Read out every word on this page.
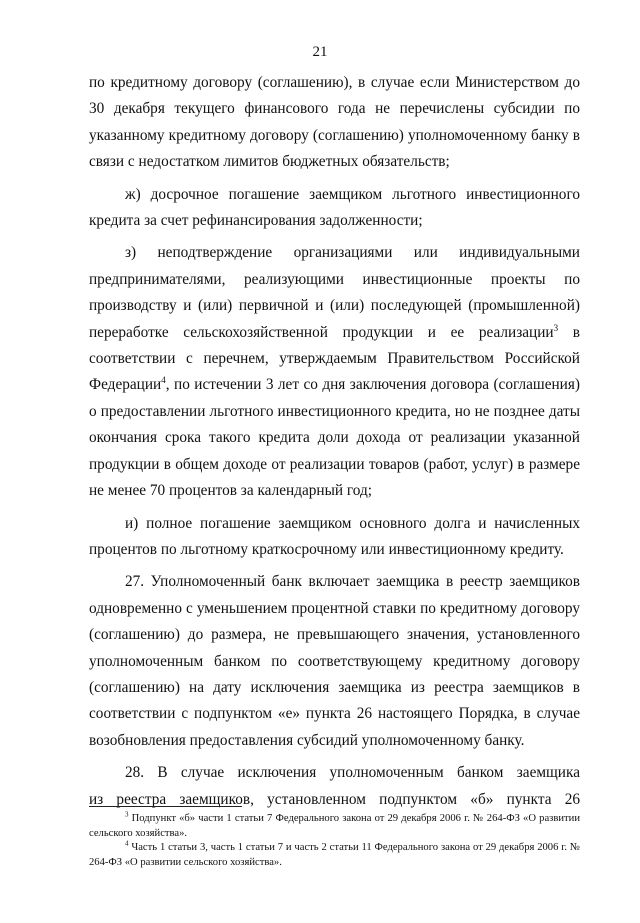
21

по кредитному договору (соглашению), в случае если Министерством до 30 декабря текущего финансового года не перечислены субсидии по указанному кредитному договору (соглашению) уполномоченному банку в связи с недостатком лимитов бюджетных обязательств;

ж) досрочное погашение заемщиком льготного инвестиционного кредита за счет рефинансирования задолженности;

з) неподтверждение организациями или индивидуальными предпринимателями, реализующими инвестиционные проекты по производству и (или) первичной и (или) последующей (промышленной) переработке сельскохозяйственной продукции и ее реализации$^3$ в соответствии с перечнем, утверждаемым Правительством Российской Федерации$^4$, по истечении 3 лет со дня заключения договора (соглашения) о предоставлении льготного инвестиционного кредита, но не позднее даты окончания срока такого кредита доли дохода от реализации указанной продукции в общем доходе от реализации товаров (работ, услуг) в размере не менее 70 процентов за календарный год;

и) полное погашение заемщиком основного долга и начисленных процентов по льготному краткосрочному или инвестиционному кредиту.

27. Уполномоченный банк включает заемщика в реестр заемщиков одновременно с уменьшением процентной ставки по кредитному договору (соглашению) до размера, не превышающего значения, установленного уполномоченным банком по соответствующему кредитному договору (соглашению) на дату исключения заемщика из реестра заемщиков в соответствии с подпунктом «е» пункта 26 настоящего Порядка, в случае возобновления предоставления субсидий уполномоченному банку.

28. В случае исключения уполномоченным банком заемщика

из реестра заемщиков, установленном подпунктом «б» пункта 26

$^3$ Подпункт «б» части 1 статьи 7 Федерального закона от 29 декабря 2006 г. № 264-ФЗ «О развитии сельского хозяйства».

$^4$ Часть 1 статьи 3, часть 1 статьи 7 и часть 2 статьи 11 Федерального закона от 29 декабря 2006 г. № 264-ФЗ «О развитии сельского хозяйства».
